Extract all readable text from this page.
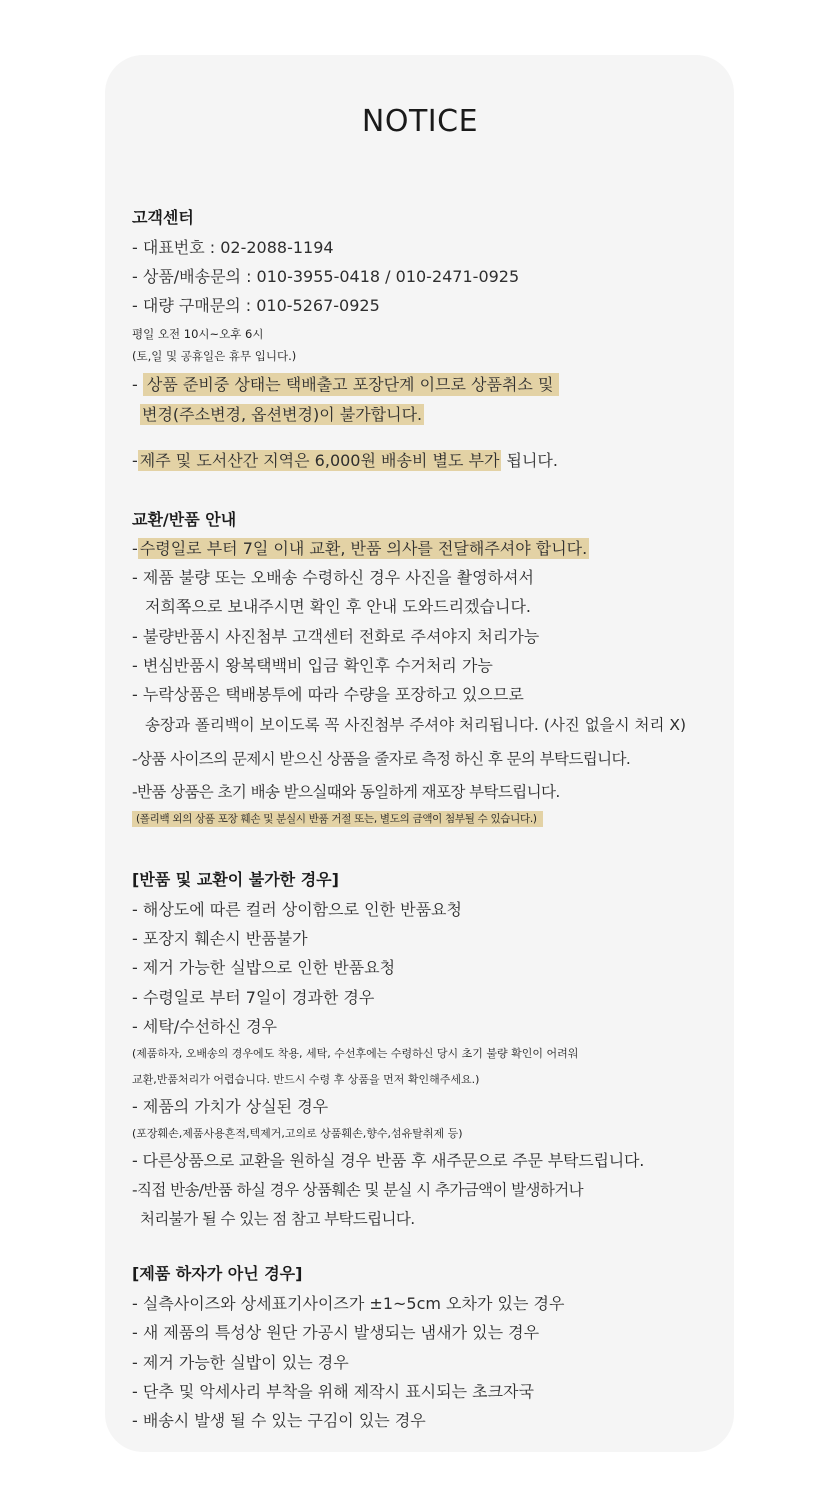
NOTICE
고객센터
- 대표번호 : 02-2088-1194
- 상품/배송문의 : 010-3955-0418 / 010-2471-0925
- 대량 구매문의 : 010-5267-0925
평일 오전 10시~오후 6시
(토,일 및 공휴일은 휴무 입니다.)
- 상품 준비중 상태는 택배출고 포장단계 이므로 상품취소 및
변경(주소변경, 옵션변경)이 불가합니다.
- 제주 및 도서산간 지역은 6,000원 배송비 별도 부가 됩니다.
교환/반품 안내
- 수령일로 부터 7일 이내 교환, 반품 의사를 전달해주셔야 합니다.
- 제품 불량 또는 오배송 수령하신 경우 사진을 촬영하셔서
저희쪽으로 보내주시면 확인 후 안내 도와드리겠습니다.
- 불량반품시 사진첨부 고객센터 전화로 주셔야지 처리가능
- 변심반품시 왕복택백비 입금 확인후 수거처리 가능
- 누락상품은 택배봉투에 따라 수량을 포장하고 있으므로
송장과 폴리백이 보이도록 꼭 사진첨부 주셔야 처리됩니다. (사진 없을시 처리 X)
-상품 사이즈의 문제시 받으신 상품을 줄자로 측정 하신 후 문의 부탁드립니다.
-반품 상품은 초기 배송 받으실때와 동일하게 재포장 부탁드립니다.
(폴리백 외의 상품 포장 훼손 및 분실시 반품 거절 또는, 별도의 금액이 첨부될 수 있습니다.)
[반품 및 교환이 불가한 경우]
- 해상도에 따른 컬러 상이함으로 인한 반품요청
- 포장지 훼손시 반품불가
- 제거 가능한 실밥으로 인한 반품요청
- 수령일로 부터 7일이 경과한 경우
- 세탁/수선하신 경우
(제품하자, 오배송의 경우에도 착용, 세탁, 수선후에는 수령하신 당시 초기 불량 확인이 어려워
교환,반품처리가 어렵습니다. 반드시 수령 후 상품을 먼저 확인해주세요.)
- 제품의 가치가 상실된 경우
(포장훼손,제품사용흔적,텍제거,고의로 상품훼손,향수,섬유탈취제 등)
- 다른상품으로 교환을 원하실 경우 반품 후 새주문으로 주문 부탁드립니다.
-직접 반송/반품 하실 경우 상품훼손 및 분실 시 추가금액이 발생하거나
처리불가 될 수 있는 점 참고 부탁드립니다.
[제품 하자가 아닌 경우]
- 실측사이즈와 상세표기사이즈가 ±1~5cm 오차가 있는 경우
- 새 제품의 특성상 원단 가공시 발생되는 냄새가 있는 경우
- 제거 가능한 실밥이 있는 경우
- 단추 및 악세사리 부착을 위해 제작시 표시되는 초크자국
- 배송시 발생 될 수 있는 구김이 있는 경우
